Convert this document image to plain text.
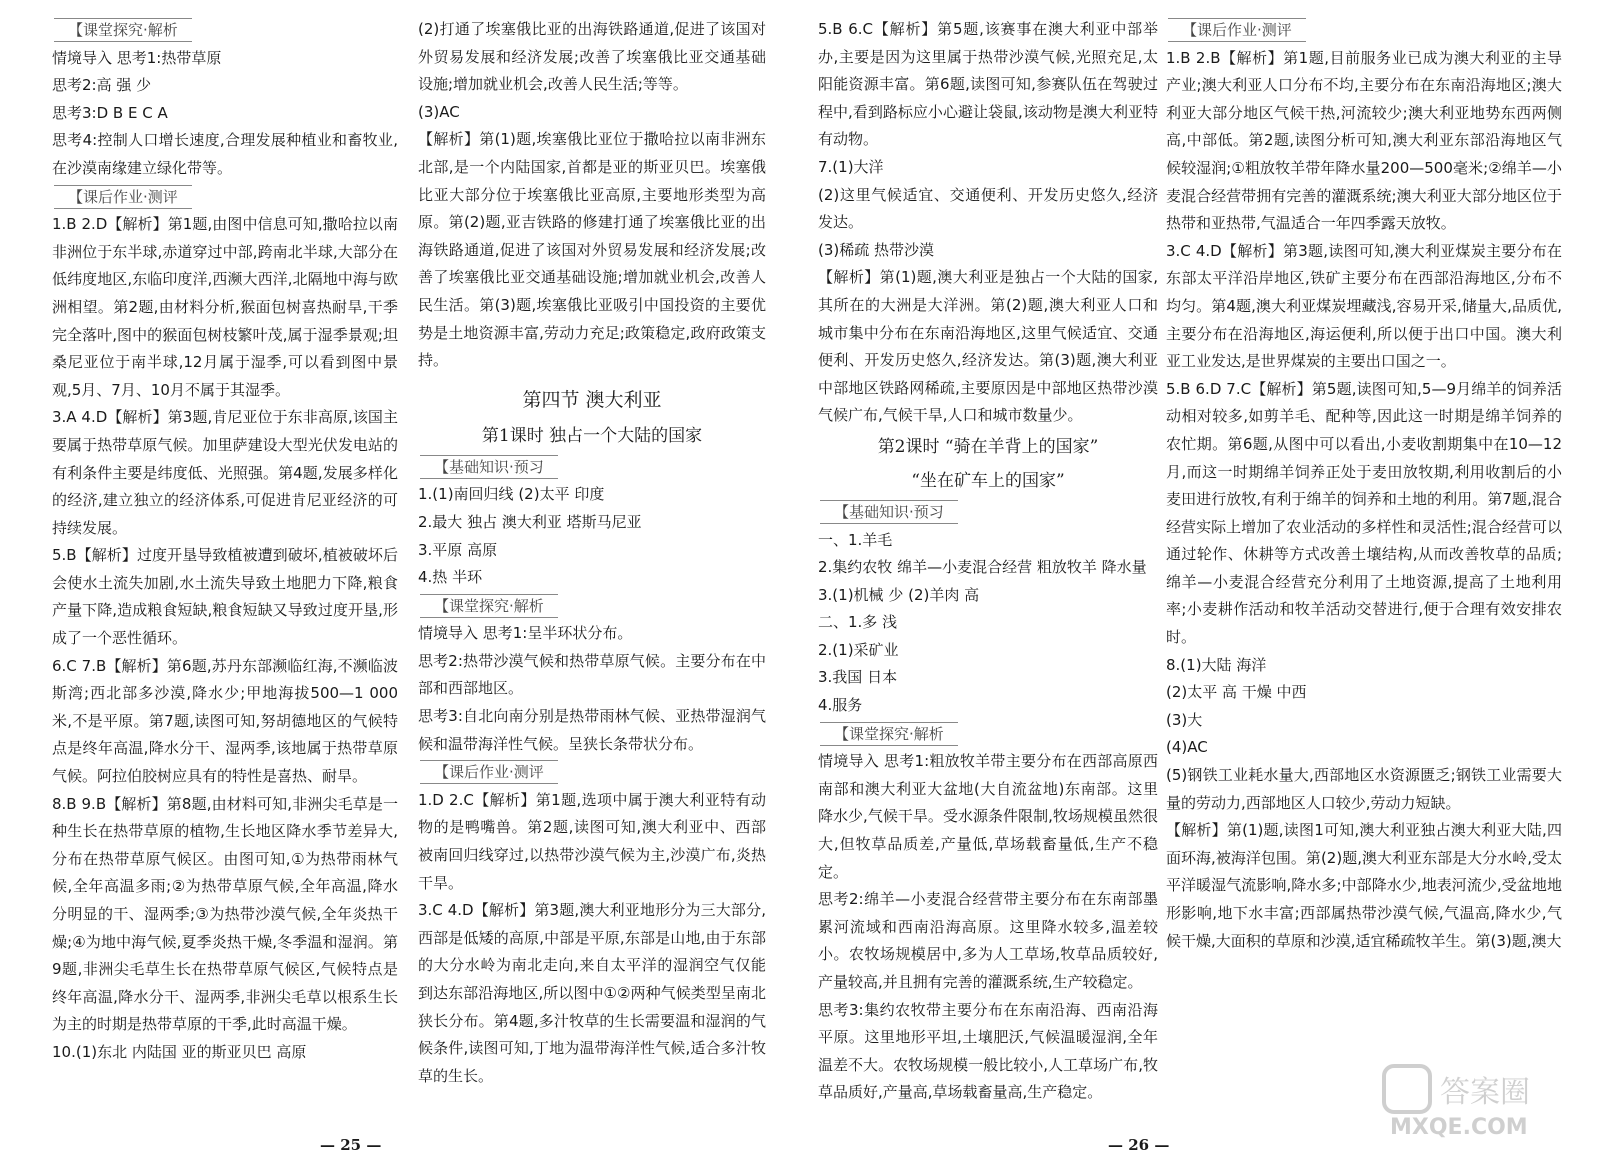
【课堂探究·解析

情境导入 思考1:热带草原

思考2:高 强 少

思考3:D B E C A

思考4:控制人口增长速度,合理发展种植业和畜牧业,在沙漠南缘建立绿化带等。

【课后作业·测评

1.B 2.D【解析】第1题,由图中信息可知,撒哈拉以南非洲位于东半球,赤道穿过中部,跨南北半球,大部分在低纬度地区,东临印度洋,西濒大西洋,北隔地中海与欧洲相望。第2题,由材料分析,猴面包树喜热耐旱,干季完全落叶,图中的猴面包树枝繁叶茂,属于湿季景观;坦桑尼亚位于南半球,12月属于湿季,可以看到图中景观,5月、7月、10月不属于其湿季。

3.A 4.D【解析】第3题,肯尼亚位于东非高原,该国主要属于热带草原气候。加里萨建设大型光伏发电站的有利条件主要是纬度低、光照强。第4题,发展多样化的经济,建立独立的经济体系,可促进肯尼亚经济的可持续发展。

5.B【解析】过度开垦导致植被遭到破坏,植被破坏后会使水土流失加剧,水土流失导致土地肥力下降,粮食产量下降,造成粮食短缺,粮食短缺又导致过度开垦,形成了一个恶性循环。

6.C 7.B【解析】第6题,苏丹东部濒临红海,不濒临波斯湾;西北部多沙漠,降水少;甲地海拔500—1 000米,不是平原。第7题,读图可知,努胡德地区的气候特点是终年高温,降水分干、湿两季,该地属于热带草原气候。阿拉伯胶树应具有的特性是喜热、耐旱。

8.B 9.B【解析】第8题,由材料可知,非洲尖毛草是一种生长在热带草原的植物,生长地区降水季节差异大,分布在热带草原气候区。由图可知,①为热带雨林气候,全年高温多雨;②为热带草原气候,全年高温,降水分明显的干、湿两季;③为热带沙漠气候,全年炎热干燥;④为地中海气候,夏季炎热干燥,冬季温和湿润。第9题,非洲尖毛草生长在热带草原气候区,气候特点是终年高温,降水分干、湿两季,非洲尖毛草以根系生长为主的时期是热带草原的干季,此时高温干燥。

10.(1)东北 内陆国 亚的斯亚贝巴 高原

(2)打通了埃塞俄比亚的出海铁路通道,促进了该国对外贸易发展和经济发展;改善了埃塞俄比亚交通基础设施;增加就业机会,改善人民生活;等等。

(3)AC

【解析】第(1)题,埃塞俄比亚位于撒哈拉以南非洲东北部,是一个内陆国家,首都是亚的斯亚贝巴。埃塞俄比亚大部分位于埃塞俄比亚高原,主要地形类型为高原。第(2)题,亚吉铁路的修建打通了埃塞俄比亚的出海铁路通道,促进了该国对外贸易发展和经济发展;改善了埃塞俄比亚交通基础设施;增加就业机会,改善人民生活。第(3)题,埃塞俄比亚吸引中国投资的主要优势是土地资源丰富,劳动力充足;政策稳定,政府政策支持。

第四节 澳大利亚

第1课时 独占一个大陆的国家

【基础知识·预习

1.(1)南回归线 (2)太平 印度

2.最大 独占 澳大利亚 塔斯马尼亚

3.平原 高原

4.热 半环

【课堂探究·解析

情境导入 思考1:呈半环状分布。

思考2:热带沙漠气候和热带草原气候。主要分布在中部和西部地区。

思考3:自北向南分别是热带雨林气候、亚热带湿润气候和温带海洋性气候。呈狭长条带状分布。

【课后作业·测评

1.D 2.C【解析】第1题,选项中属于澳大利亚特有动物的是鸭嘴兽。第2题,读图可知,澳大利亚中、西部被南回归线穿过,以热带沙漠气候为主,沙漠广布,炎热干旱。

3.C 4.D【解析】第3题,澳大利亚地形分为三大部分,西部是低矮的高原,中部是平原,东部是山地,由于东部的大分水岭为南北走向,来自太平洋的湿润空气仅能到达东部沿海地区,所以图中①②两种气候类型呈南北狭长分布。第4题,多汁牧草的生长需要温和湿润的气候条件,读图可知,丁地为温带海洋性气候,适合多汁牧草的生长。

5.B 6.C【解析】第5题,该赛事在澳大利亚中部举办,主要是因为这里属于热带沙漠气候,光照充足,太阳能资源丰富。第6题,读图可知,参赛队伍在驾驶过程中,看到路标应小心避让袋鼠,该动物是澳大利亚特有动物。

7.(1)大洋

(2)这里气候适宜、交通便利、开发历史悠久,经济发达。

(3)稀疏 热带沙漠

【解析】第(1)题,澳大利亚是独占一个大陆的国家,其所在的大洲是大洋洲。第(2)题,澳大利亚人口和城市集中分布在东南沿海地区,这里气候适宜、交通便利、开发历史悠久,经济发达。第(3)题,澳大利亚中部地区铁路网稀疏,主要原因是中部地区热带沙漠气候广布,气候干旱,人口和城市数量少。

第2课时 “骑在羊背上的国家”

“坐在矿车上的国家”

【基础知识·预习

一、1.羊毛

2.集约农牧 绵羊—小麦混合经营 粗放牧羊 降水量

3.(1)机械 少 (2)羊肉 高

二、1.多 浅

2.(1)采矿业

3.我国 日本

4.服务

【课堂探究·解析

情境导入 思考1:粗放牧羊带主要分布在西部高原西南部和澳大利亚大盆地(大自流盆地)东南部。这里降水少,气候干旱。受水源条件限制,牧场规模虽然很大,但牧草品质差,产量低,草场载畜量低,生产不稳定。

思考2:绵羊—小麦混合经营带主要分布在东南部墨累河流域和西南沿海高原。这里降水较多,温差较小。农牧场规模居中,多为人工草场,牧草品质较好,产量较高,并且拥有完善的灌溉系统,生产较稳定。

思考3:集约农牧带主要分布在东南沿海、西南沿海平原。这里地形平坦,土壤肥沃,气候温暖湿润,全年温差不大。农牧场规模一般比较小,人工草场广布,牧草品质好,产量高,草场载畜量高,生产稳定。

【课后作业·测评

1.B 2.B【解析】第1题,目前服务业已成为澳大利亚的主导产业;澳大利亚人口分布不均,主要分布在东南沿海地区;澳大利亚大部分地区气候干热,河流较少;澳大利亚地势东西两侧高,中部低。第2题,读图分析可知,澳大利亚东部沿海地区气候较湿润;①粗放牧羊带年降水量200—500毫米;②绵羊—小麦混合经营带拥有完善的灌溉系统;澳大利亚大部分地区位于热带和亚热带,气温适合一年四季露天放牧。

3.C 4.D【解析】第3题,读图可知,澳大利亚煤炭主要分布在东部太平洋沿岸地区,铁矿主要分布在西部沿海地区,分布不均匀。第4题,澳大利亚煤炭埋藏浅,容易开采,储量大,品质优,主要分布在沿海地区,海运便利,所以便于出口中国。澳大利亚工业发达,是世界煤炭的主要出口国之一。

5.B 6.D 7.C【解析】第5题,读图可知,5—9月绵羊的饲养活动相对较多,如剪羊毛、配种等,因此这一时期是绵羊饲养的农忙期。第6题,从图中可以看出,小麦收割期集中在10—12月,而这一时期绵羊饲养正处于麦田放牧期,利用收割后的小麦田进行放牧,有利于绵羊的饲养和土地的利用。第7题,混合经营实际上增加了农业活动的多样性和灵活性;混合经营可以通过轮作、休耕等方式改善土壤结构,从而改善牧草的品质;绵羊—小麦混合经营充分利用了土地资源,提高了土地利用率;小麦耕作活动和牧羊活动交替进行,便于合理有效安排农时。

8.(1)大陆 海洋

(2)太平 高 干燥 中西

(3)大

(4)AC

(5)钢铁工业耗水量大,西部地区水资源匮乏;钢铁工业需要大量的劳动力,西部地区人口较少,劳动力短缺。

【解析】第(1)题,读图1可知,澳大利亚独占澳大利亚大陆,四面环海,被海洋包围。第(2)题,澳大利亚东部是大分水岭,受太平洋暖湿气流影响,降水多;中部降水少,地表河流少,受盆地地形影响,地下水丰富;西部属热带沙漠气候,气温高,降水少,气候干燥,大面积的草原和沙漠,适宜稀疏牧羊生。第(3)题,澳大

— 25 —	— 26 —
答案圈
MXQE.COM
